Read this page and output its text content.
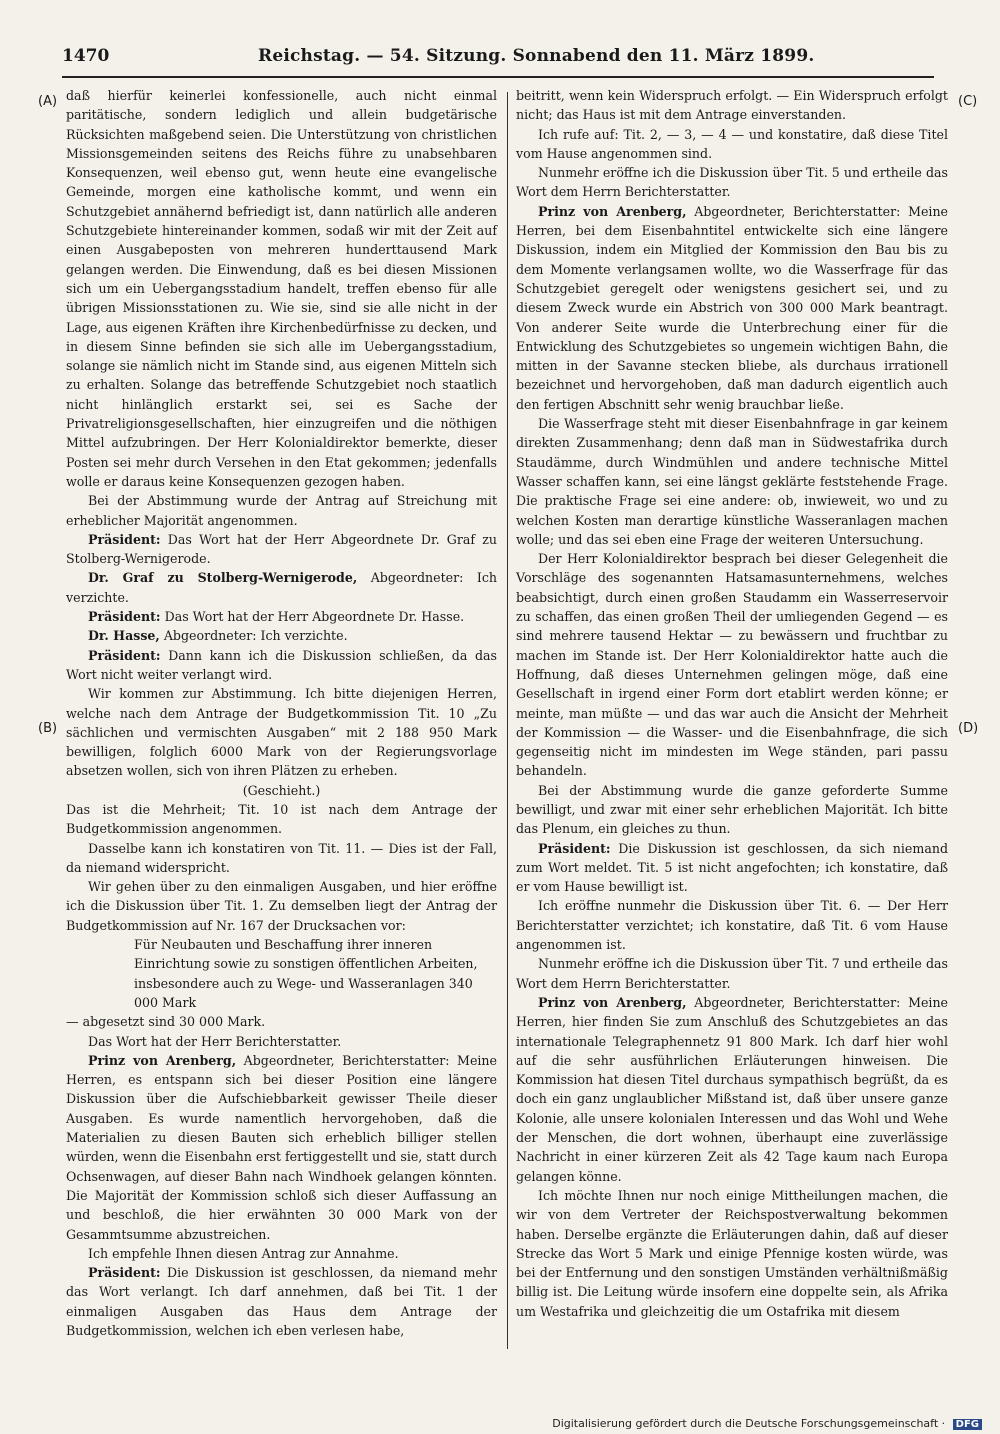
1470	Reichstag. — 54. Sitzung. Sonnabend den 11. März 1899.
(A)
(B)
(C)
(D)

daß hierfür keinerlei konfessionelle, auch nicht einmal paritätische, sondern lediglich und allein budgetärische Rücksichten maßgebend seien. Die Unterstützung von christlichen Missionsgemeinden seitens des Reichs führe zu unabsehbaren Konsequenzen, weil ebenso gut, wenn heute eine evangelische Gemeinde, morgen eine katholische kommt, und wenn ein Schutzgebiet annähernd befriedigt ist, dann natürlich alle anderen Schutzgebiete hintereinander kommen, sodaß wir mit der Zeit auf einen Ausgabeposten von mehreren hunderttausend Mark gelangen werden. Die Einwendung, daß es bei diesen Missionen sich um ein Uebergangsstadium handelt, treffen ebenso für alle übrigen Missionsstationen zu. Wie sie, sind sie alle nicht in der Lage, aus eigenen Kräften ihre Kirchenbedürfnisse zu decken, und in diesem Sinne befinden sie sich alle im Uebergangsstadium, solange sie nämlich nicht im Stande sind, aus eigenen Mitteln sich zu erhalten. Solange das betreffende Schutzgebiet noch staatlich nicht hinlänglich erstarkt sei, sei es Sache der Privatreligionsgesellschaften, hier einzugreifen und die nöthigen Mittel aufzubringen. Der Herr Kolonialdirektor bemerkte, dieser Posten sei mehr durch Versehen in den Etat gekommen; jedenfalls wolle er daraus keine Konsequenzen gezogen haben.

Bei der Abstimmung wurde der Antrag auf Streichung mit erheblicher Majorität angenommen.

Präsident: Das Wort hat der Herr Abgeordnete Dr. Graf zu Stolberg-Wernigerode.

Dr. Graf zu Stolberg-Wernigerode, Abgeordneter: Ich verzichte.

Präsident: Das Wort hat der Herr Abgeordnete Dr. Hasse.

Dr. Hasse, Abgeordneter: Ich verzichte.

Präsident: Dann kann ich die Diskussion schließen, da das Wort nicht weiter verlangt wird.

Wir kommen zur Abstimmung. Ich bitte diejenigen Herren, welche nach dem Antrage der Budgetkommission Tit. 10 „Zu sächlichen und vermischten Ausgaben“ mit 2 188 950 Mark bewilligen, folglich 6000 Mark von der Regierungsvorlage absetzen wollen, sich von ihren Plätzen zu erheben.

(Geschieht.)

Das ist die Mehrheit; Tit. 10 ist nach dem Antrage der Budgetkommission angenommen.

Dasselbe kann ich konstatiren von Tit. 11. — Dies ist der Fall, da niemand widerspricht.

Wir gehen über zu den einmaligen Ausgaben, und hier eröffne ich die Diskussion über Tit. 1. Zu demselben liegt der Antrag der Budgetkommission auf Nr. 167 der Drucksachen vor:

Für Neubauten und Beschaffung ihrer inneren Einrichtung sowie zu sonstigen öffentlichen Arbeiten, insbesondere auch zu Wege- und Wasseranlagen 340 000 Mark

— abgesetzt sind 30 000 Mark.

Das Wort hat der Herr Berichterstatter.

Prinz von Arenberg, Abgeordneter, Berichterstatter: Meine Herren, es entspann sich bei dieser Position eine längere Diskussion über die Aufschiebbarkeit gewisser Theile dieser Ausgaben. Es wurde namentlich hervorgehoben, daß die Materialien zu diesen Bauten sich erheblich billiger stellen würden, wenn die Eisenbahn erst fertiggestellt und sie, statt durch Ochsenwagen, auf dieser Bahn nach Windhoek gelangen könnten. Die Majorität der Kommission schloß sich dieser Auffassung an und beschloß, die hier erwähnten 30 000 Mark von der Gesammtsumme abzustreichen.

Ich empfehle Ihnen diesen Antrag zur Annahme.

Präsident: Die Diskussion ist geschlossen, da niemand mehr das Wort verlangt. Ich darf annehmen, daß bei Tit. 1 der einmaligen Ausgaben das Haus dem Antrage der Budgetkommission, welchen ich eben verlesen habe,

beitritt, wenn kein Widerspruch erfolgt. — Ein Widerspruch erfolgt nicht; das Haus ist mit dem Antrage einverstanden.

Ich rufe auf: Tit. 2, — 3, — 4 — und konstatire, daß diese Titel vom Hause angenommen sind.

Nunmehr eröffne ich die Diskussion über Tit. 5 und ertheile das Wort dem Herrn Berichterstatter.

Prinz von Arenberg, Abgeordneter, Berichterstatter: Meine Herren, bei dem Eisenbahntitel entwickelte sich eine längere Diskussion, indem ein Mitglied der Kommission den Bau bis zu dem Momente verlangsamen wollte, wo die Wasserfrage für das Schutzgebiet geregelt oder wenigstens gesichert sei, und zu diesem Zweck wurde ein Abstrich von 300 000 Mark beantragt. Von anderer Seite wurde die Unterbrechung einer für die Entwicklung des Schutzgebietes so ungemein wichtigen Bahn, die mitten in der Savanne stecken bliebe, als durchaus irrationell bezeichnet und hervorgehoben, daß man dadurch eigentlich auch den fertigen Abschnitt sehr wenig brauchbar ließe.

Die Wasserfrage steht mit dieser Eisenbahnfrage in gar keinem direkten Zusammenhang; denn daß man in Südwestafrika durch Staudämme, durch Windmühlen und andere technische Mittel Wasser schaffen kann, sei eine längst geklärte feststehende Frage. Die praktische Frage sei eine andere: ob, inwieweit, wo und zu welchen Kosten man derartige künstliche Wasseranlagen machen wolle; und das sei eben eine Frage der weiteren Untersuchung.

Der Herr Kolonialdirektor besprach bei dieser Gelegenheit die Vorschläge des sogenannten Hatsamasunternehmens, welches beabsichtigt, durch einen großen Staudamm ein Wasserreservoir zu schaffen, das einen großen Theil der umliegenden Gegend — es sind mehrere tausend Hektar — zu bewässern und fruchtbar zu machen im Stande ist. Der Herr Kolonialdirektor hatte auch die Hoffnung, daß dieses Unternehmen gelingen möge, daß eine Gesellschaft in irgend einer Form dort etablirt werden könne; er meinte, man müßte — und das war auch die Ansicht der Mehrheit der Kommission — die Wasser- und die Eisenbahnfrage, die sich gegenseitig nicht im mindesten im Wege ständen, pari passu behandeln.

Bei der Abstimmung wurde die ganze geforderte Summe bewilligt, und zwar mit einer sehr erheblichen Majorität. Ich bitte das Plenum, ein gleiches zu thun.

Präsident: Die Diskussion ist geschlossen, da sich niemand zum Wort meldet. Tit. 5 ist nicht angefochten; ich konstatire, daß er vom Hause bewilligt ist.

Ich eröffne nunmehr die Diskussion über Tit. 6. — Der Herr Berichterstatter verzichtet; ich konstatire, daß Tit. 6 vom Hause angenommen ist.

Nunmehr eröffne ich die Diskussion über Tit. 7 und ertheile das Wort dem Herrn Berichterstatter.

Prinz von Arenberg, Abgeordneter, Berichterstatter: Meine Herren, hier finden Sie zum Anschluß des Schutzgebietes an das internationale Telegraphennetz 91 800 Mark. Ich darf hier wohl auf die sehr ausführlichen Erläuterungen hinweisen. Die Kommission hat diesen Titel durchaus sympathisch begrüßt, da es doch ein ganz unglaublicher Mißstand ist, daß über unsere ganze Kolonie, alle unsere kolonialen Interessen und das Wohl und Wehe der Menschen, die dort wohnen, überhaupt eine zuverlässige Nachricht in einer kürzeren Zeit als 42 Tage kaum nach Europa gelangen könne.

Ich möchte Ihnen nur noch einige Mittheilungen machen, die wir von dem Vertreter der Reichspostverwaltung bekommen haben. Derselbe ergänzte die Erläuterungen dahin, daß auf dieser Strecke das Wort 5 Mark und einige Pfennige kosten würde, was bei der Entfernung und den sonstigen Umständen verhältnißmäßig billig ist. Die Leitung würde insofern eine doppelte sein, als Afrika um Westafrika und gleichzeitig die um Ostafrika mit diesem

Digitalisierung gefördert durch die Deutsche Forschungsgemeinschaft · DFG
